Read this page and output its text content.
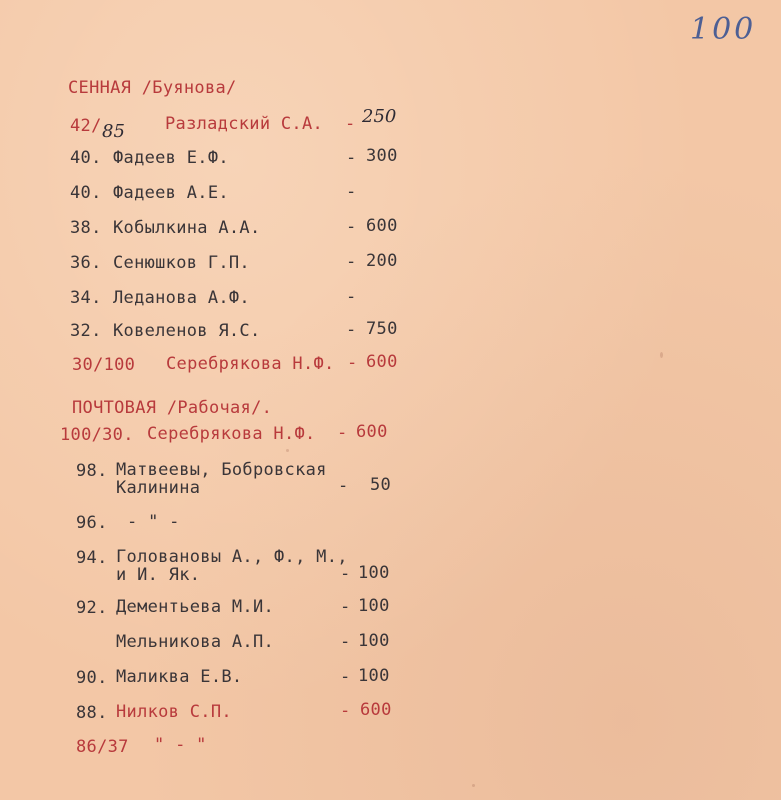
100
СЕННАЯ /Буянова/
42/ 85 Разладский С.А. - 250
40. Фадеев Е.Ф.	- 300
40. Фадеев А.Е.	-
38. Кобылкина А.А.	- 600
36. Сенюшков Г.П.	- 200
34. Леданова А.Ф.	-
32. Ковеленов Я.С.	- 750
30/100 Серебрякова Н.Ф. - 600
ПОЧТОВАЯ /Рабочая/.
100/30. Серебрякова Н.Ф. - 600
98. Матвеевы, Бобровская
Калинина	- 50
96. - " -
94. Головановы А., Ф., М.,
и И. Як.	- 100
92. Дементьева М.И.	- 100
Мельникова А.П.	- 100
90. Маликва Е.В.	- 100
88. Нилков С.П.	- 600
86/37 " - "
